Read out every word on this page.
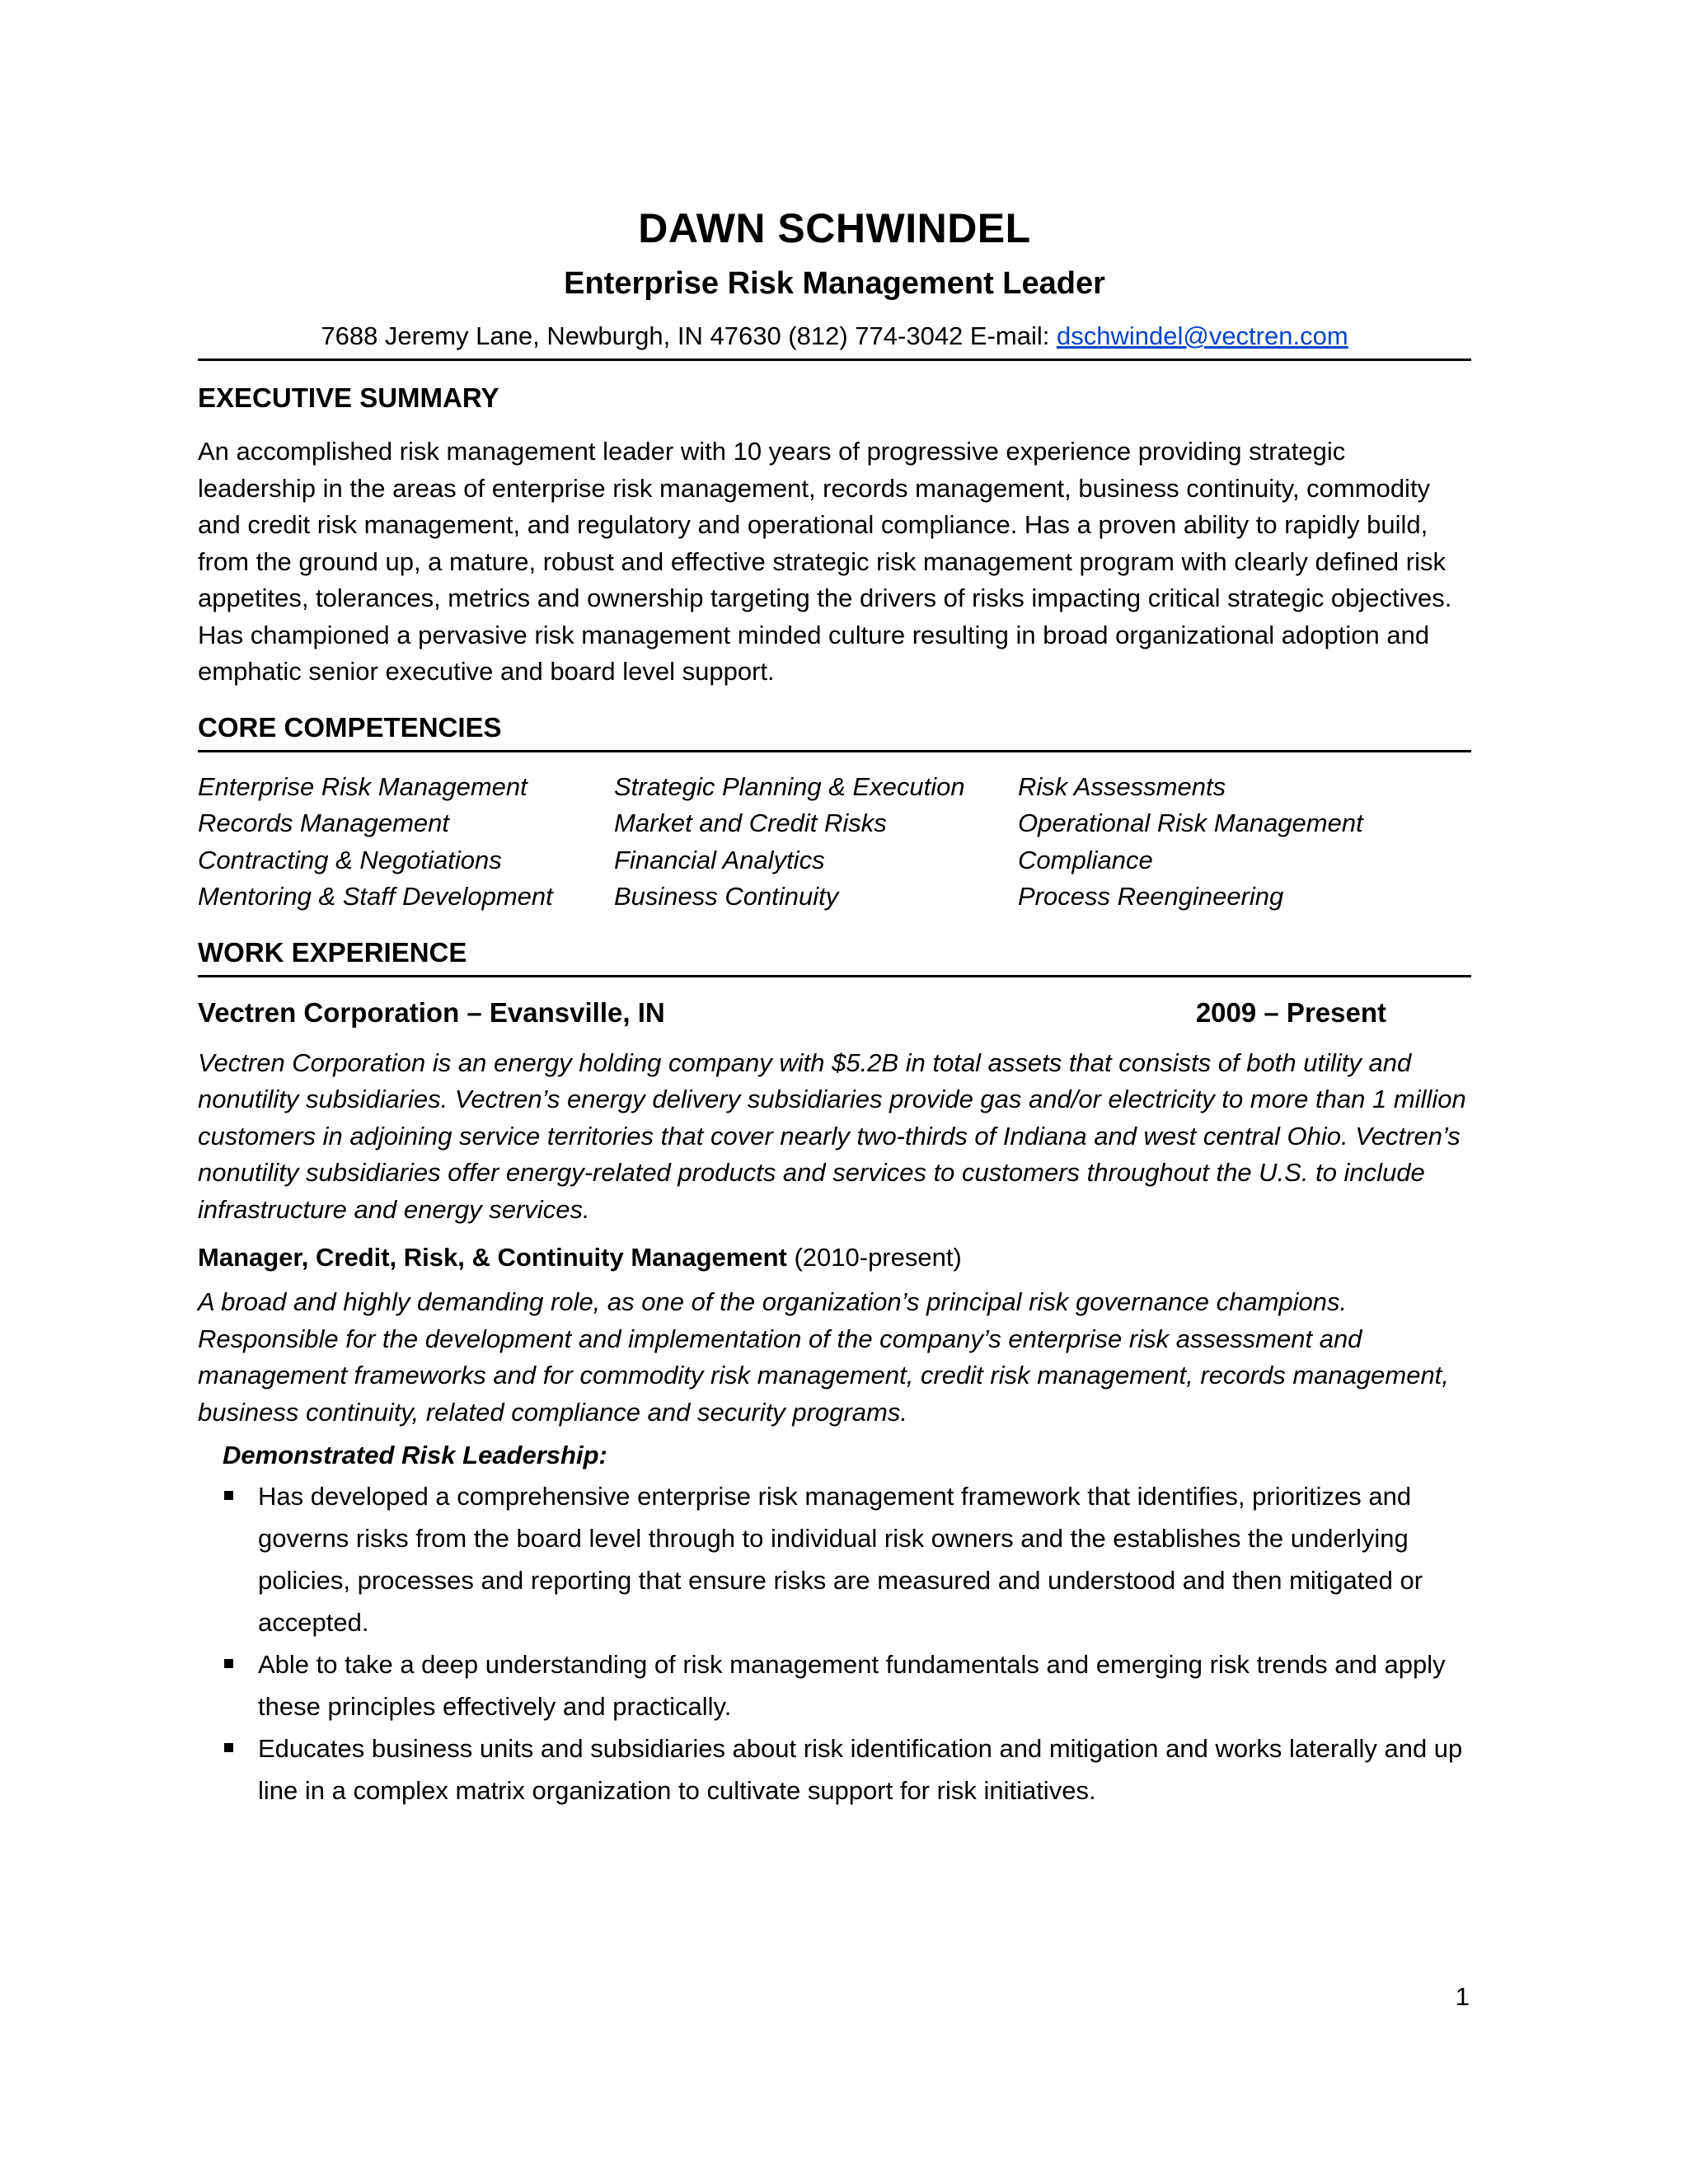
DAWN SCHWINDEL
Enterprise Risk Management Leader
7688 Jeremy Lane, Newburgh, IN 47630 (812) 774-3042 E-mail: dschwindel@vectren.com
EXECUTIVE SUMMARY
An accomplished risk management leader with 10 years of progressive experience providing strategic leadership in the areas of enterprise risk management, records management, business continuity, commodity and credit risk management, and regulatory and operational compliance. Has a proven ability to rapidly build, from the ground up, a mature, robust and effective strategic risk management program with clearly defined risk appetites, tolerances, metrics and ownership targeting the drivers of risks impacting critical strategic objectives. Has championed a pervasive risk management minded culture resulting in broad organizational adoption and emphatic senior executive and board level support.
CORE COMPETENCIES
Enterprise Risk Management	Strategic Planning & Execution	Risk Assessments
Records Management	Market and Credit Risks	Operational Risk Management
Contracting & Negotiations	Financial Analytics	Compliance
Mentoring & Staff Development	Business Continuity	Process Reengineering
WORK EXPERIENCE
Vectren Corporation – Evansville, IN	2009 – Present
Vectren Corporation is an energy holding company with $5.2B in total assets that consists of both utility and nonutility subsidiaries. Vectren’s energy delivery subsidiaries provide gas and/or electricity to more than 1 million customers in adjoining service territories that cover nearly two-thirds of Indiana and west central Ohio. Vectren’s nonutility subsidiaries offer energy-related products and services to customers throughout the U.S. to include infrastructure and energy services.
Manager, Credit, Risk, & Continuity Management (2010-present)
A broad and highly demanding role, as one of the organization’s principal risk governance champions. Responsible for the development and implementation of the company’s enterprise risk assessment and management frameworks and for commodity risk management, credit risk management, records management, business continuity, related compliance and security programs.
Demonstrated Risk Leadership:
Has developed a comprehensive enterprise risk management framework that identifies, prioritizes and governs risks from the board level through to individual risk owners and the establishes the underlying policies, processes and reporting that ensure risks are measured and understood and then mitigated or accepted.
Able to take a deep understanding of risk management fundamentals and emerging risk trends and apply these principles effectively and practically.
Educates business units and subsidiaries about risk identification and mitigation and works laterally and up line in a complex matrix organization to cultivate support for risk initiatives.
1
